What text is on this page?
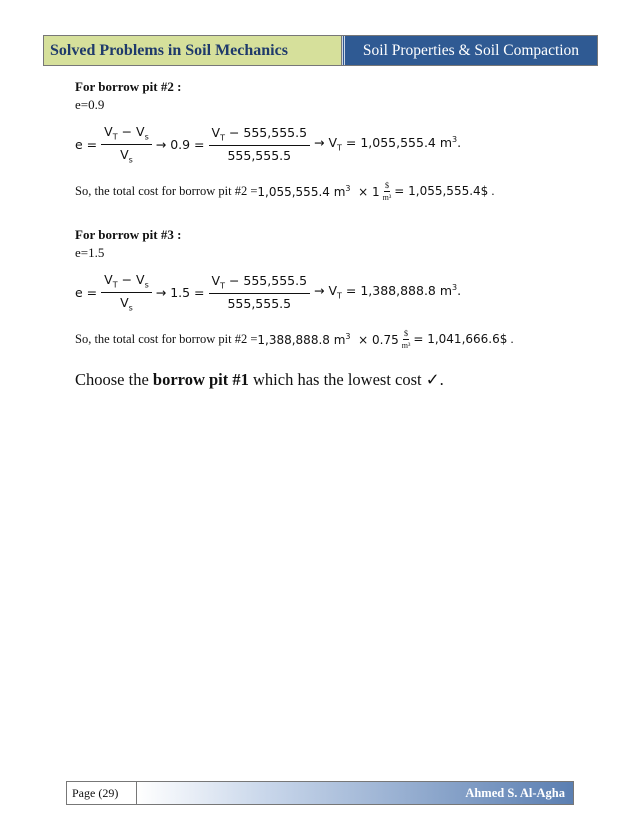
Solved Problems in Soil Mechanics	Soil Properties & Soil Compaction

For borrow pit #2 :

e=0.9

$e = \frac{V_T - V_s}{V_s} \to 0.9 = \frac{V_T - 555,555.5}{555,555.5} \to V_T = 1,055,555.4$ $m^3$.
So, the total cost for borrow pit #2 = 1,055,555.4 $m^3 \times 1 \frac{\$}{\text{m³}}$ = 1,055,555.4$ .

For borrow pit #3 :

e=1.5

$e = \frac{V_T - V_s}{V_s} \to 1.5 = \frac{V_T - 555,555.5}{555,555.5} \to V_T = 1,388,888.8$ $m^3$.
So, the total cost for borrow pit #2 = 1,388,888.8 $m^3 \times 0.75 \frac{\$}{\text{m³}}$ = 1,041,666.6$ .

Choose the borrow pit #1 which has the lowest cost ✓.

Page (29)	Ahmed S. Al-Agha
